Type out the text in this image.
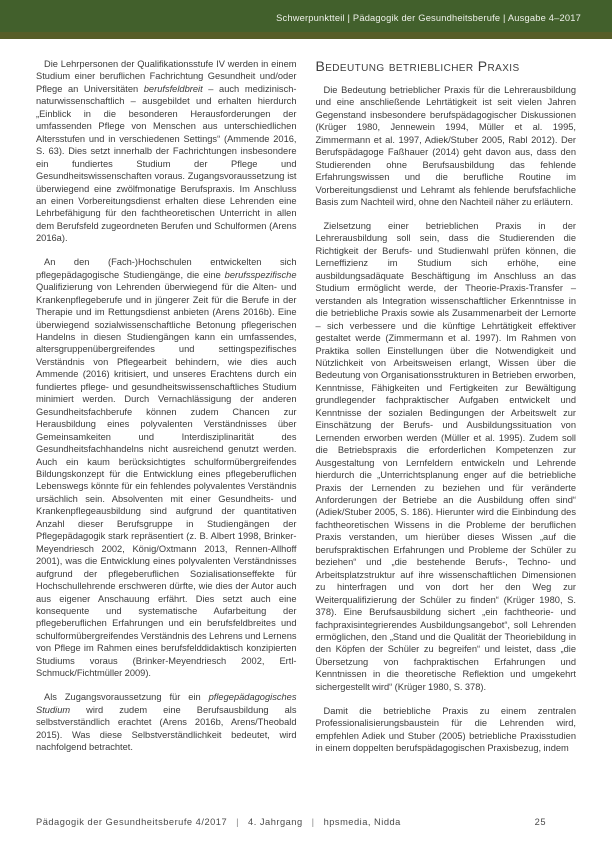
Schwerpunktteil | Pädagogik der Gesundheitsberufe | Ausgabe 4–2017

Die Lehrpersonen der Qualifikationsstufe IV werden in einem Studium einer beruflichen Fachrichtung Gesundheit und/oder Pflege an Universitäten berufsfeldbreit – auch medizinisch-naturwissenschaftlich – ausgebildet und erhalten hierdurch „Einblick in die besonderen Herausforderungen der umfassenden Pflege von Menschen aus unterschiedlichen Altersstufen und in verschiedenen Settings“ (Ammende 2016, S. 63). Dies setzt innerhalb der Fachrichtungen insbesondere ein fundiertes Studium der Pflege und Gesundheitswissenschaften voraus. Zugangsvoraussetzung ist überwiegend eine zwölfmonatige Berufspraxis. Im Anschluss an einen Vorbereitungsdienst erhalten diese Lehrenden eine Lehrbefähigung für den fachtheoretischen Unterricht in allen dem Berufsfeld zugeordneten Berufen und Schulformen (Arens 2016a).

An den (Fach-)Hochschulen entwickelten sich pflegepädagogische Studiengänge, die eine berufsspezifische Qualifizierung von Lehrenden überwiegend für die Alten- und Krankenpflegeberufe und in jüngerer Zeit für die Berufe in der Therapie und im Rettungsdienst anbieten (Arens 2016b). Eine überwiegend sozialwissenschaftliche Betonung pflegerischen Handelns in diesen Studiengängen kann ein umfassendes, altersgruppenübergreifendes und settingspezifisches Verständnis von Pflegearbeit behindern, wie dies auch Ammende (2016) kritisiert, und unseres Erachtens durch ein fundiertes pflege- und gesundheitswissenschaftliches Studium minimiert werden. Durch Vernachlässigung der anderen Gesundheitsfachberufe können zudem Chancen zur Herausbildung eines polyvalenten Verständnisses über Gemeinsamkeiten und Interdisziplinarität des Gesundheitsfachhandelns nicht ausreichend genutzt werden. Auch ein kaum berücksichtigtes schulformübergreifendes Bildungskonzept für die Entwicklung eines pflegeberuflichen Lebenswegs könnte für ein fehlendes polyvalentes Verständnis ursächlich sein. Absolventen mit einer Gesundheits- und Krankenpflegeausbildung sind aufgrund der quantitativen Anzahl dieser Berufsgruppe in Studiengängen der Pflegepädagogik stark repräsentiert (z. B. Albert 1998, Brinker-Meyendriesch 2002, König/Oxtmann 2013, Rennen-Allhoff 2001), was die Entwicklung eines polyvalenten Verständnisses aufgrund der pflegeberuflichen Sozialisationseffekte für Hochschullehrende erschweren dürfte, wie dies der Autor auch aus eigener Anschauung erfährt. Dies setzt auch eine konsequente und systematische Aufarbeitung der pflegeberuflichen Erfahrungen und ein berufsfeldbreites und schulformübergreifendes Verständnis des Lehrens und Lernens von Pflege im Rahmen eines berufsfelddidaktisch konzipierten Studiums voraus (Brinker-Meyendriesch 2002, Ertl-Schmuck/Fichtmüller 2009).

Als Zugangsvoraussetzung für ein pflegepädagogisches Studium wird zudem eine Berufsausbildung als selbstverständlich erachtet (Arens 2016b, Arens/Theobald 2015). Was diese Selbstverständlichkeit bedeutet, wird nachfolgend betrachtet.

Bedeutung betrieblicher Praxis

Die Bedeutung betrieblicher Praxis für die Lehrerausbildung und eine anschließende Lehrtätigkeit ist seit vielen Jahren Gegenstand insbesondere berufspädagogischer Diskussionen (Krüger 1980, Jennewein 1994, Müller et al. 1995, Zimmermann et al. 1997, Adiek/Stuber 2005, Rabl 2012). Der Berufspädagoge Faßhauer (2014) geht davon aus, dass den Studierenden ohne Berufsausbildung das fehlende Erfahrungswissen und die berufliche Routine im Vorbereitungsdienst und Lehramt als fehlende berufsfachliche Basis zum Nachteil wird, ohne den Nachteil näher zu erläutern.

Zielsetzung einer betrieblichen Praxis in der Lehrerausbildung soll sein, dass die Studierenden die Richtigkeit der Berufs- und Studienwahl prüfen können, die Lerneffizienz im Studium sich erhöhe, eine ausbildungsadäquate Beschäftigung im Anschluss an das Studium ermöglicht werde, der Theorie-Praxis-Transfer – verstanden als Integration wissenschaftlicher Erkenntnisse in die betriebliche Praxis sowie als Zusammenarbeit der Lernorte – sich verbessere und die künftige Lehrtätigkeit effektiver gestaltet werde (Zimmermann et al. 1997). Im Rahmen von Praktika sollen Einstellungen über die Notwendigkeit und Nützlichkeit von Arbeitsweisen erlangt, Wissen über die Bedeutung von Organisationsstrukturen in Betrieben erworben, Kenntnisse, Fähigkeiten und Fertigkeiten zur Bewältigung grundlegender fachpraktischer Aufgaben entwickelt und Kenntnisse der sozialen Bedingungen der Arbeitswelt zur Einschätzung der Berufs- und Ausbildungssituation von Lernenden erworben werden (Müller et al. 1995). Zudem soll die Betriebspraxis die erforderlichen Kompetenzen zur Ausgestaltung von Lernfeldern entwickeln und Lehrende hierdurch die „Unterrichtsplanung enger auf die betriebliche Praxis der Lernenden zu beziehen und für veränderte Anforderungen der Betriebe an die Ausbildung offen sind“ (Adiek/Stuber 2005, S. 186). Hierunter wird die Einbindung des fachtheoretischen Wissens in die Probleme der beruflichen Praxis verstanden, um hierüber dieses Wissen „auf die berufspraktischen Erfahrungen und Probleme der Schüler zu beziehen“ und „die bestehende Berufs-, Techno- und Arbeitsplatzstruktur auf ihre wissenschaftlichen Dimensionen zu hinterfragen und von dort her den Weg zur Weiterqualifizierung der Schüler zu finden“ (Krüger 1980, S. 378). Eine Berufsausbildung sichert „ein fachtheorie- und fachpraxisintegrierendes Ausbildungsangebot“, soll Lehrenden ermöglichen, den „Stand und die Qualität der Theoriebildung in den Köpfen der Schüler zu begreifen“ und leistet, dass „die Übersetzung von fachpraktischen Erfahrungen und Kenntnissen in die theoretische Reflektion und umgekehrt sichergestellt wird“ (Krüger 1980, S. 378).

Damit die betriebliche Praxis zu einem zentralen Professionalisierungsbaustein für die Lehrenden wird, empfehlen Adiek und Stuber (2005) betriebliche Praxisstudien in einem doppelten berufspädagogischen Praxisbezug, indem

Pädagogik der Gesundheitsberufe 4/2017 | 4. Jahrgang | hpsmedia, Nidda	25
